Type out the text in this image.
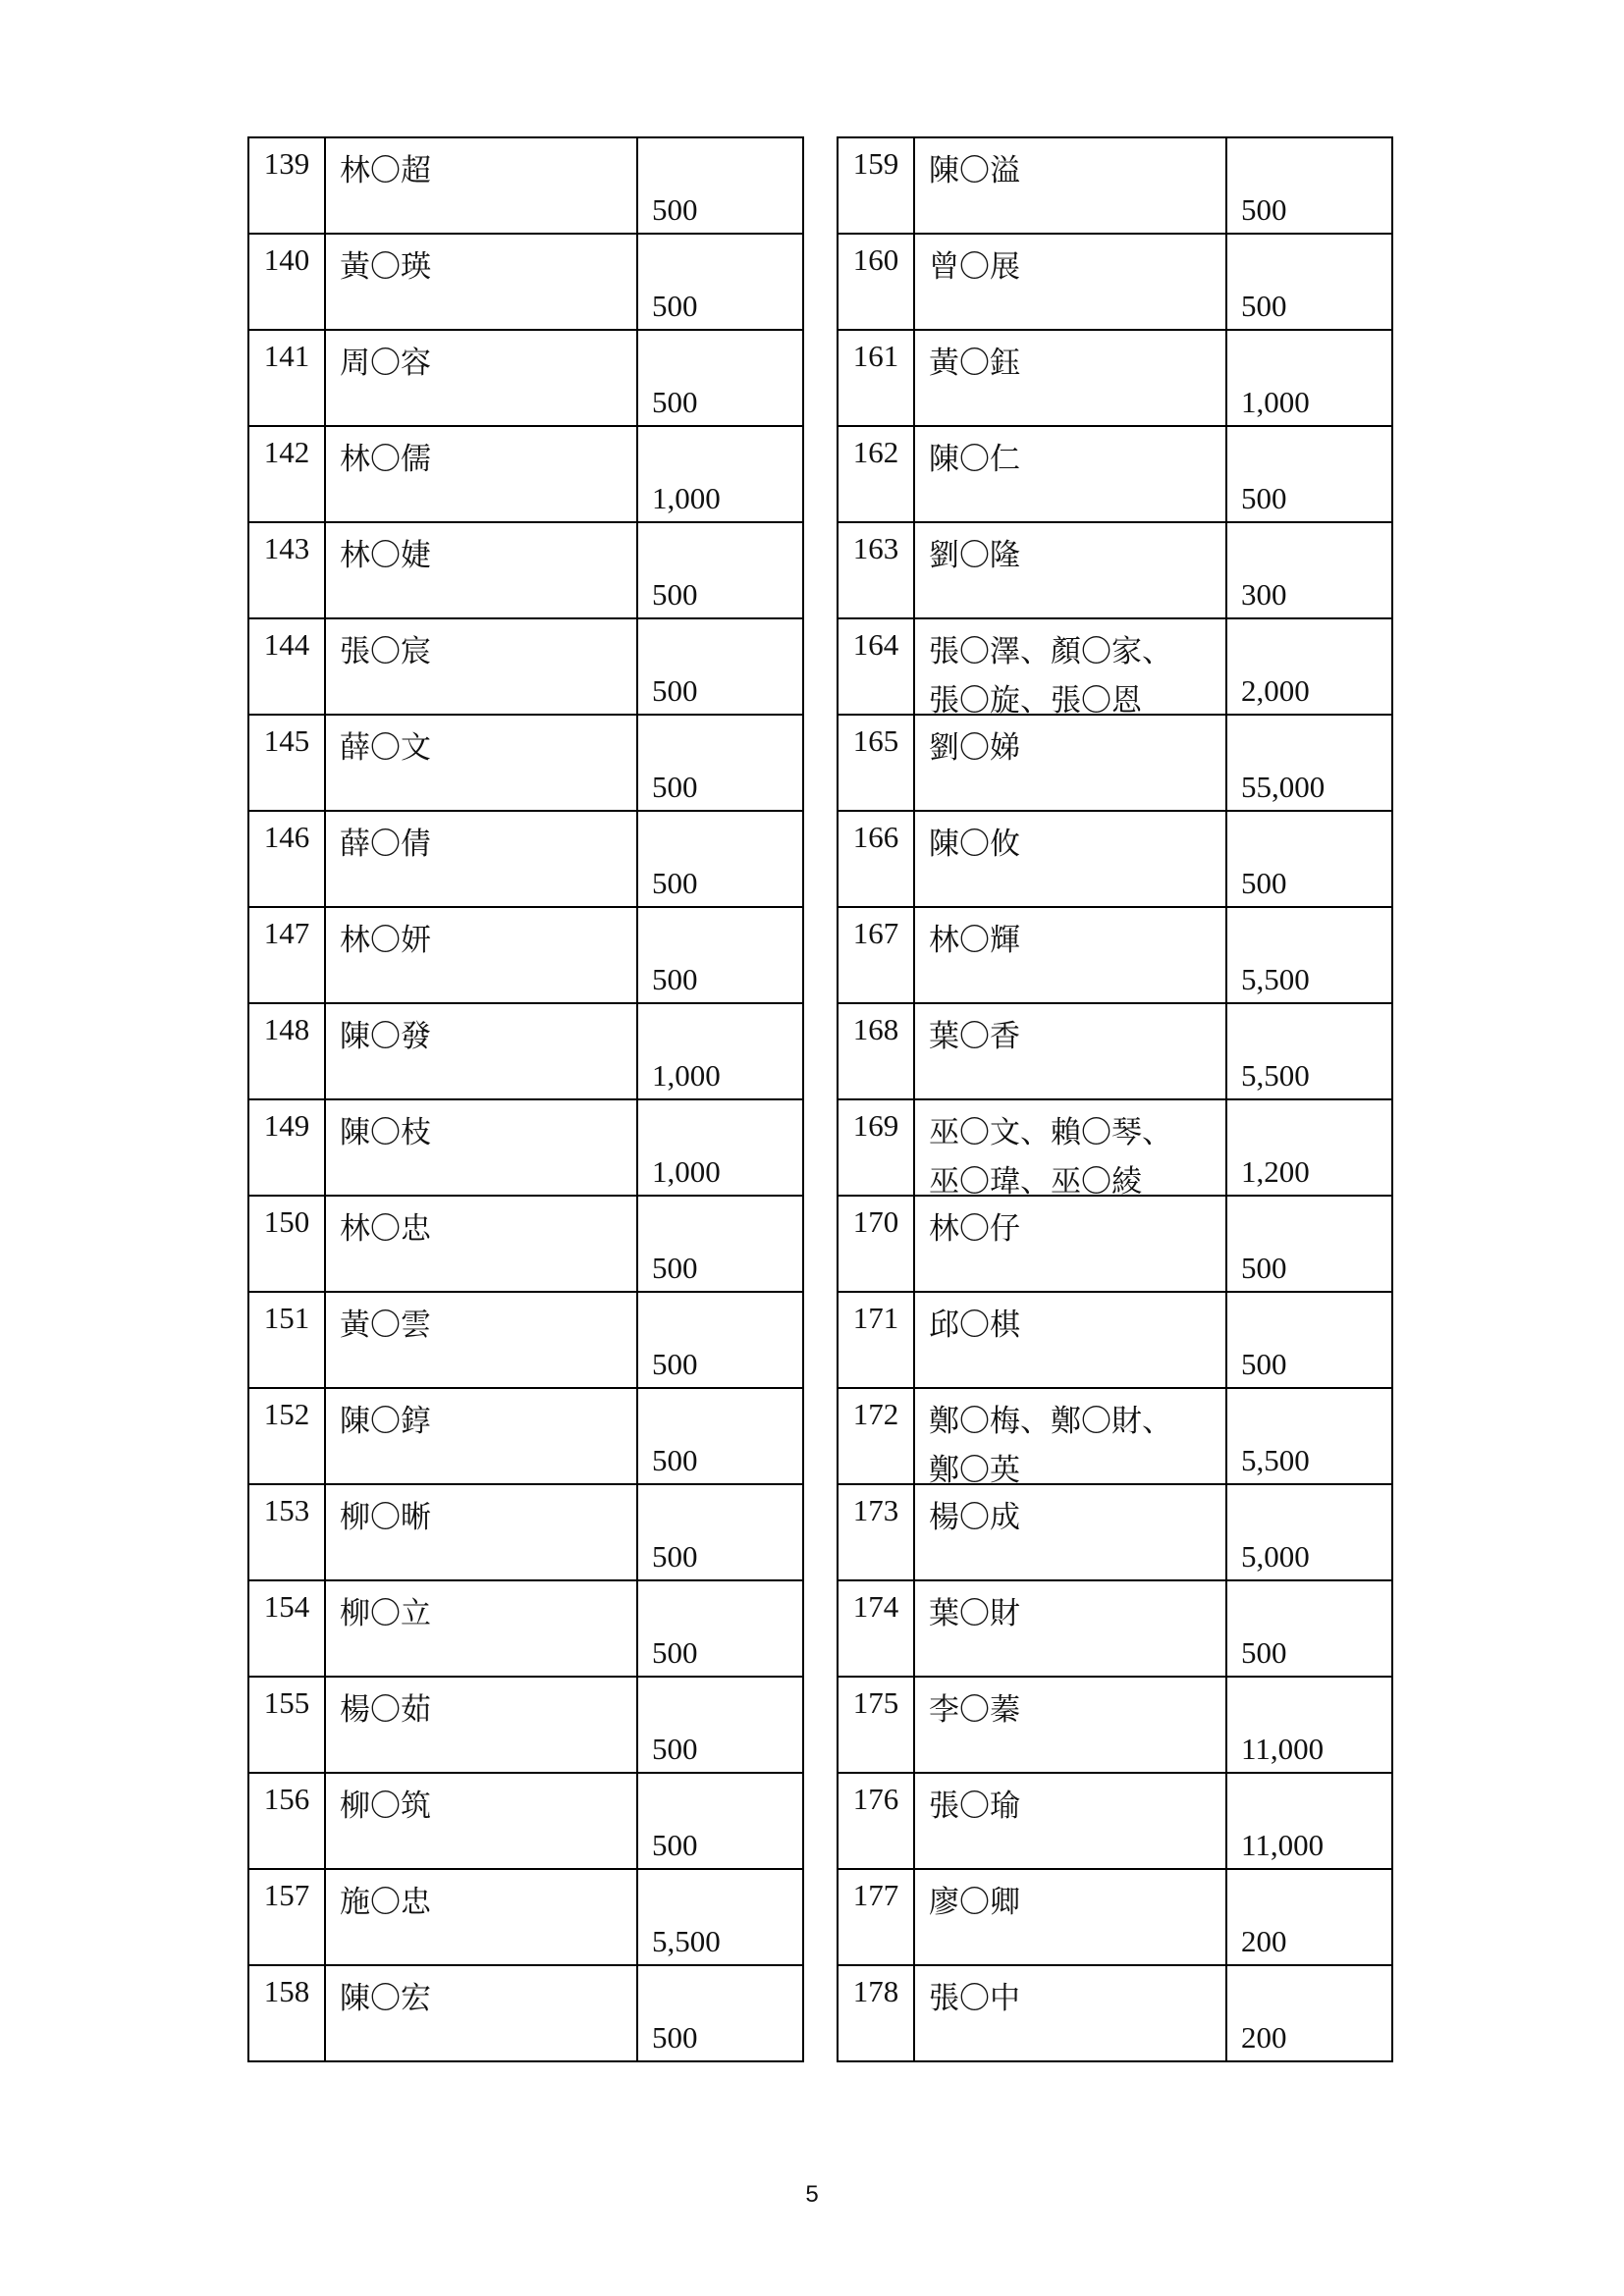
139	林〇超	500

140	黃〇瑛	500

141	周〇容	500

142	林〇儒	1,000

143	林〇婕	500

144	張〇宸	500

145	薛〇文	500

146	薛〇倩	500

147	林〇妍	500

148	陳〇發	1,000

149	陳〇枝	1,000

150	林〇忠	500

151	黃〇雲	500

152	陳〇錞	500

153	柳〇晰	500

154	柳〇立	500

155	楊〇茹	500

156	柳〇筑	500

157	施〇忠	5,500

158	陳〇宏	500
159	陳〇溢	500

160	曾〇展	500

161	黃〇鈺	1,000

162	陳〇仁	500

163	劉〇隆	300

164	張〇澤、顏〇家、
張〇旋、張〇恩	2,000

165	劉〇娣	55,000

166	陳〇攸	500

167	林〇輝	5,500

168	葉〇香	5,500

169	巫〇文、賴〇琴、
巫〇瑋、巫〇綾	1,200

170	林〇仔	500

171	邱〇棋	500

172	鄭〇梅、鄭〇財、
鄭〇英	5,500

173	楊〇成	5,000

174	葉〇財	500

175	李〇蓁	11,000

176	張〇瑜	11,000

177	廖〇卿	200

178	張〇中	200
5
